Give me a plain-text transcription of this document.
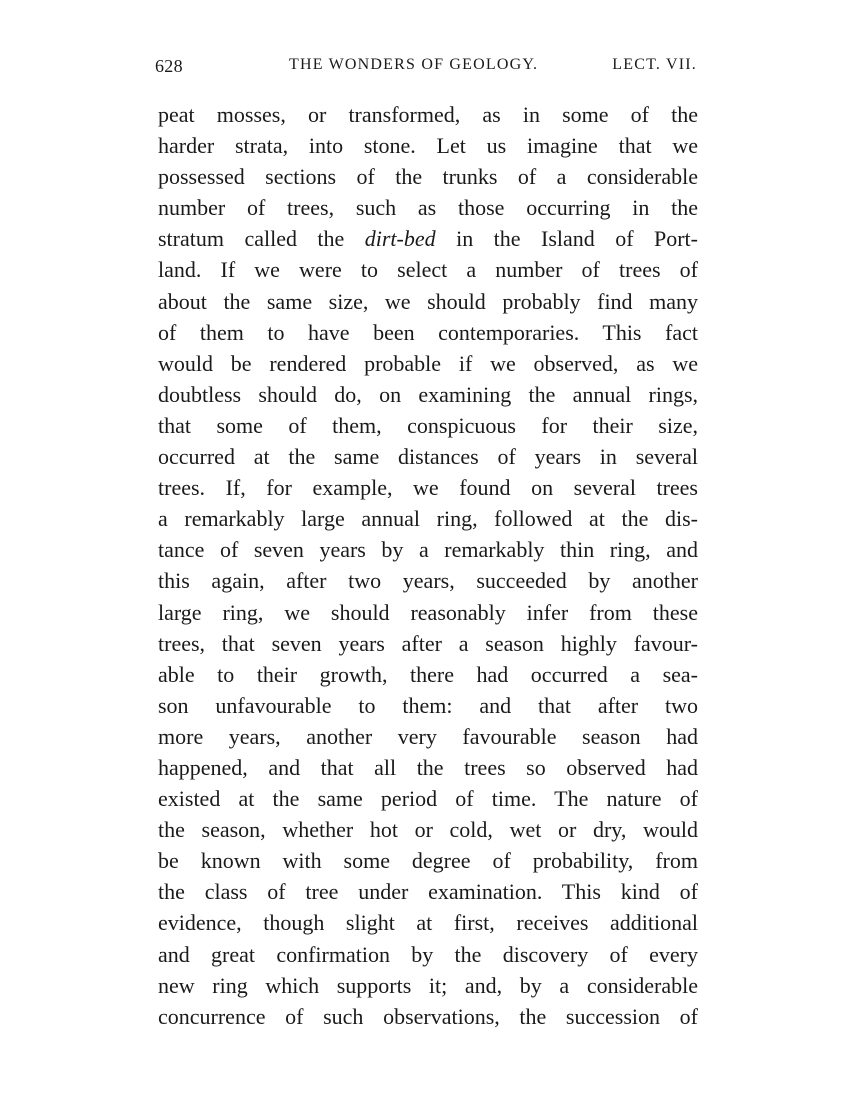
628	THE WONDERS OF GEOLOGY.	LECT. VII.
peat mosses, or transformed, as in some of the
harder strata, into stone. Let us imagine that we
possessed sections of the trunks of a considerable
number of trees, such as those occurring in the
stratum called the dirt-bed in the Island of Port-
land. If we were to select a number of trees of
about the same size, we should probably find many
of them to have been contemporaries. This fact
would be rendered probable if we observed, as we
doubtless should do, on examining the annual rings,
that some of them, conspicuous for their size,
occurred at the same distances of years in several
trees. If, for example, we found on several trees
a remarkably large annual ring, followed at the dis-
tance of seven years by a remarkably thin ring, and
this again, after two years, succeeded by another
large ring, we should reasonably infer from these
trees, that seven years after a season highly favour-
able to their growth, there had occurred a sea-
son unfavourable to them: and that after two
more years, another very favourable season had
happened, and that all the trees so observed had
existed at the same period of time. The nature of
the season, whether hot or cold, wet or dry, would
be known with some degree of probability, from
the class of tree under examination. This kind of
evidence, though slight at first, receives additional
and great confirmation by the discovery of every
new ring which supports it; and, by a considerable
concurrence of such observations, the succession of
